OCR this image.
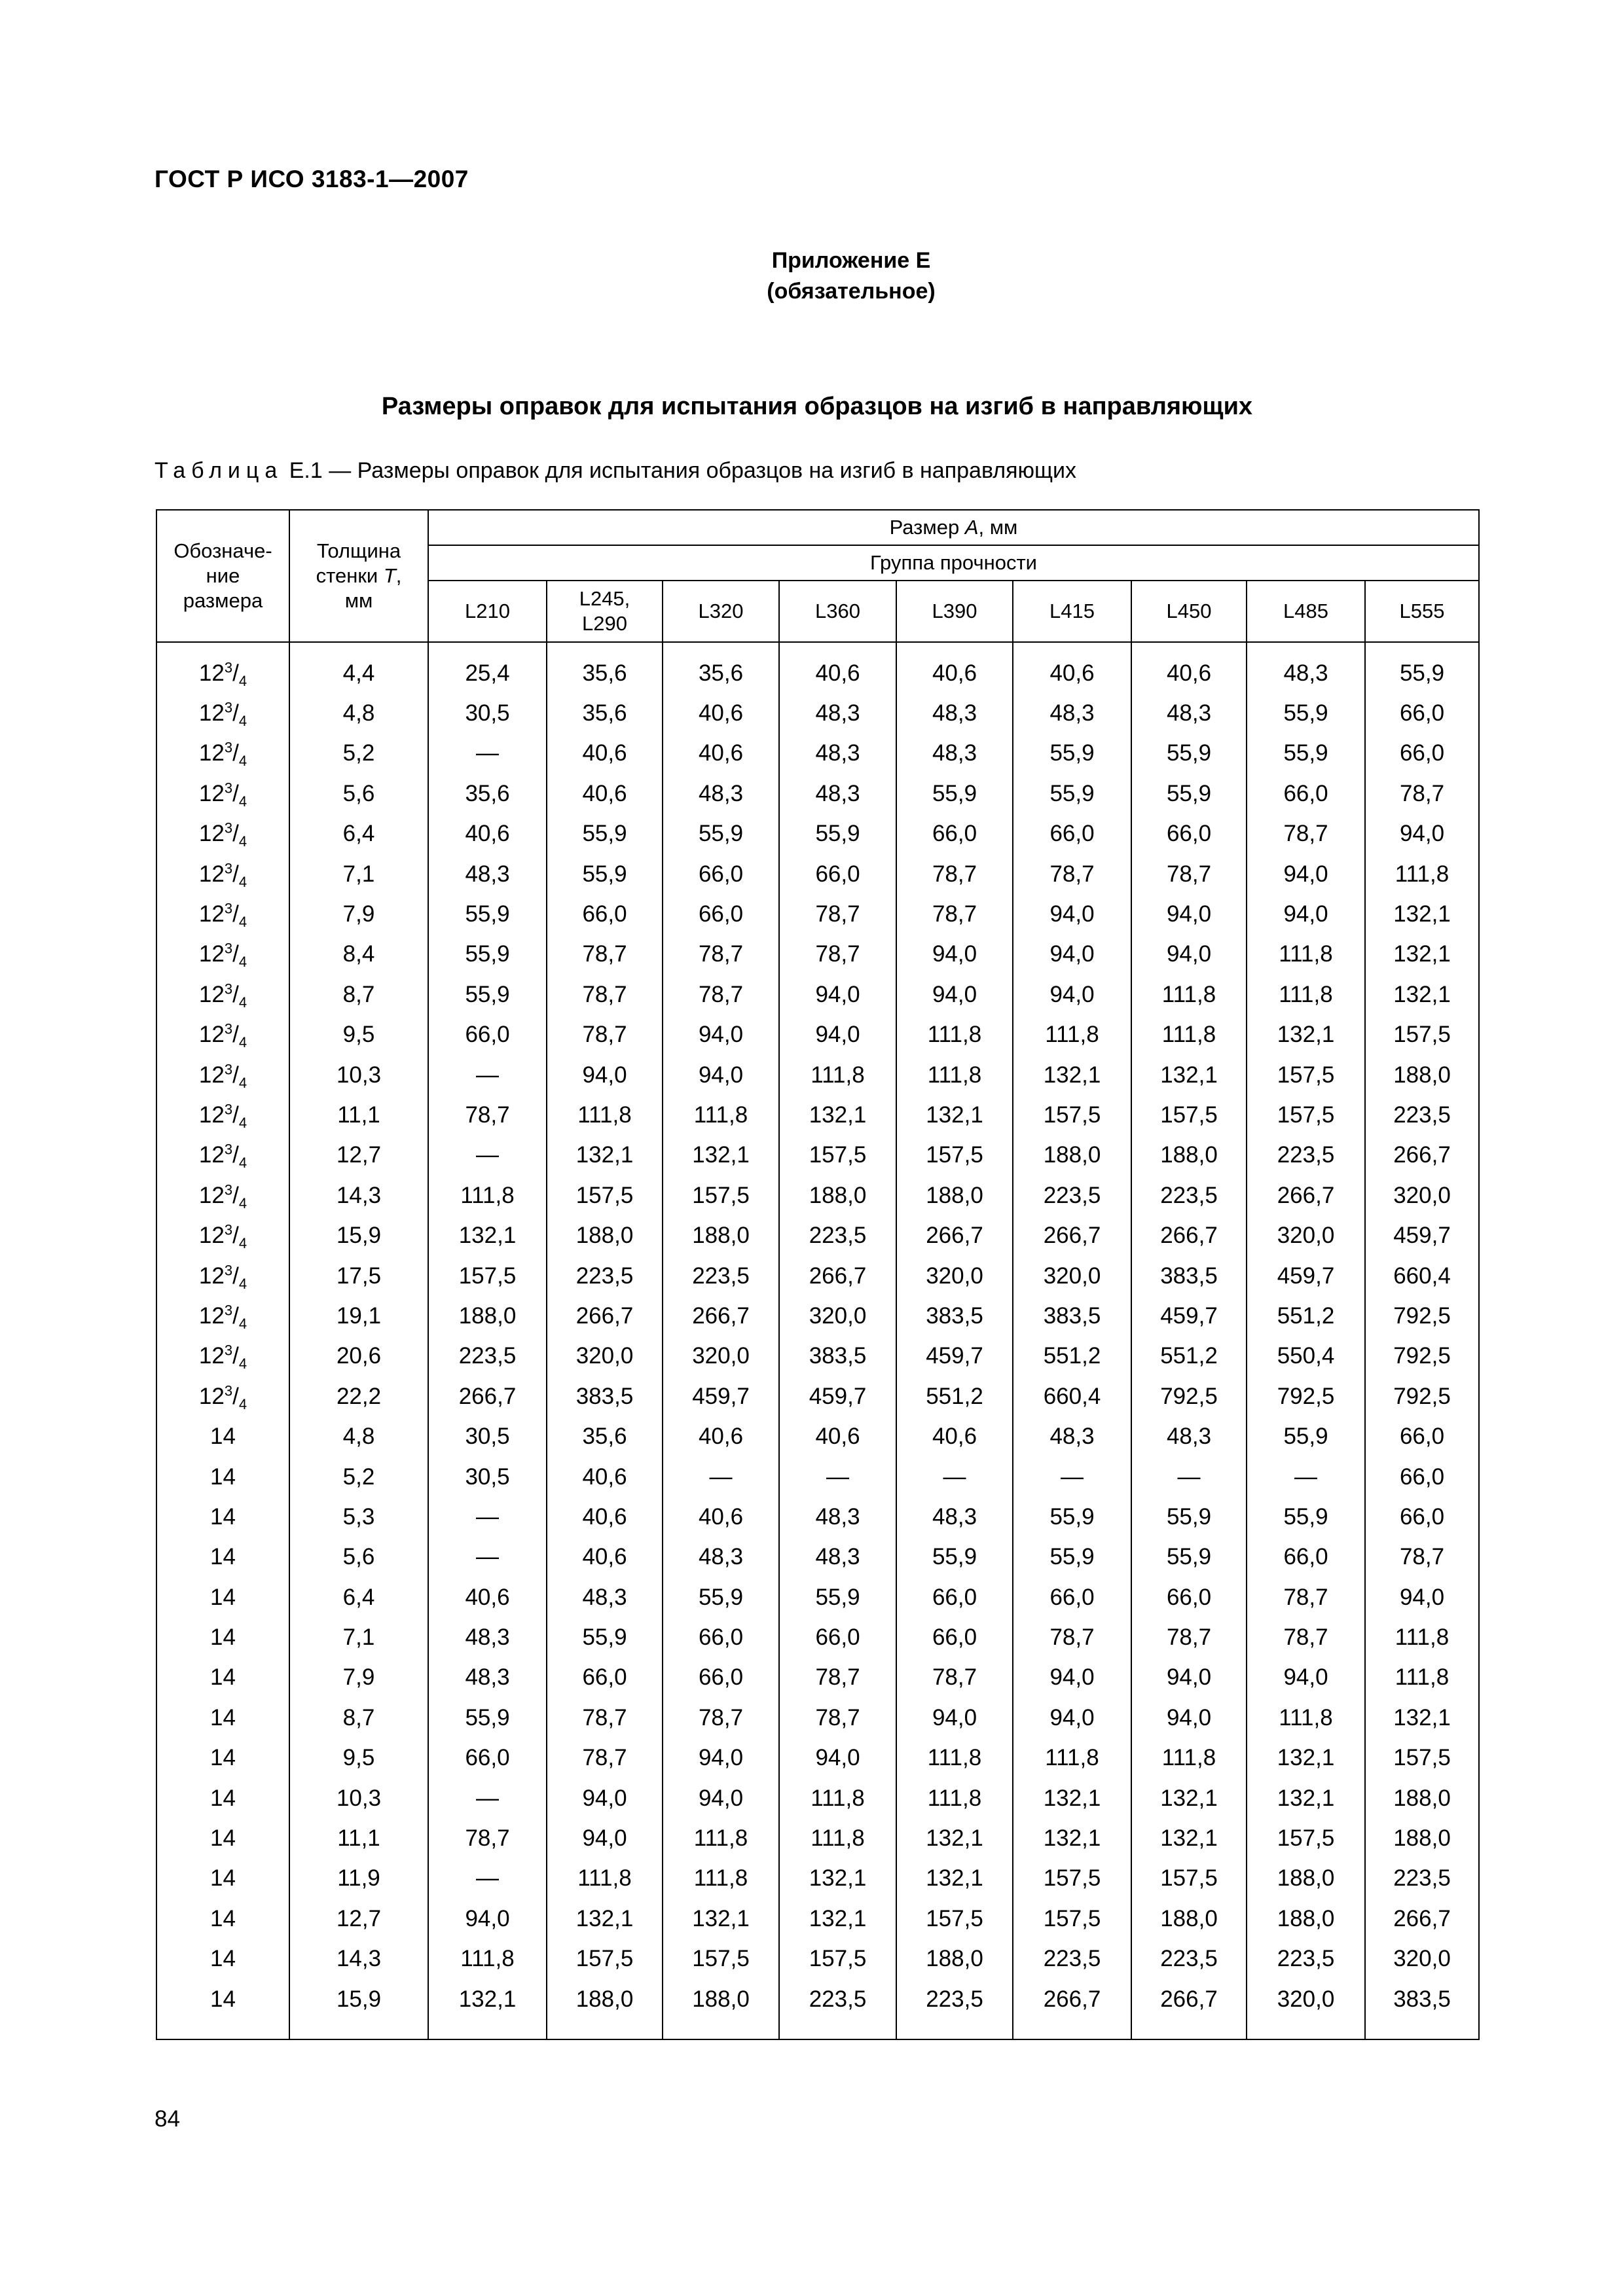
ГОСТ Р ИСО 3183-1—2007
Приложение Е
(обязательное)
Размеры оправок для испытания образцов на изгиб в направляющих
Таблица Е.1 — Размеры оправок для испытания образцов на изгиб в направляющих
Обозначе-
ние
размера	Толщина
стенки T,
мм	Размер A, мм								
		Группа прочности								
		L210	L245,
L290	L320	L360	L390	L415	L450	L485	L555

$12^3/_4$	4,4	25,4	35,6	35,6	40,6	40,6	40,6	40,6	48,3	55,9
$12^3/_4$	4,8	30,5	35,6	40,6	48,3	48,3	48,3	48,3	55,9	66,0
$12^3/_4$	5,2	—	40,6	40,6	48,3	48,3	55,9	55,9	55,9	66,0
$12^3/_4$	5,6	35,6	40,6	48,3	48,3	55,9	55,9	55,9	66,0	78,7
$12^3/_4$	6,4	40,6	55,9	55,9	55,9	66,0	66,0	66,0	78,7	94,0
$12^3/_4$	7,1	48,3	55,9	66,0	66,0	78,7	78,7	78,7	94,0	111,8
$12^3/_4$	7,9	55,9	66,0	66,0	78,7	78,7	94,0	94,0	94,0	132,1
$12^3/_4$	8,4	55,9	78,7	78,7	78,7	94,0	94,0	94,0	111,8	132,1
$12^3/_4$	8,7	55,9	78,7	78,7	94,0	94,0	94,0	111,8	111,8	132,1
$12^3/_4$	9,5	66,0	78,7	94,0	94,0	111,8	111,8	111,8	132,1	157,5
$12^3/_4$	10,3	—	94,0	94,0	111,8	111,8	132,1	132,1	157,5	188,0
$12^3/_4$	11,1	78,7	111,8	111,8	132,1	132,1	157,5	157,5	157,5	223,5
$12^3/_4$	12,7	—	132,1	132,1	157,5	157,5	188,0	188,0	223,5	266,7
$12^3/_4$	14,3	111,8	157,5	157,5	188,0	188,0	223,5	223,5	266,7	320,0
$12^3/_4$	15,9	132,1	188,0	188,0	223,5	266,7	266,7	266,7	320,0	459,7
$12^3/_4$	17,5	157,5	223,5	223,5	266,7	320,0	320,0	383,5	459,7	660,4
$12^3/_4$	19,1	188,0	266,7	266,7	320,0	383,5	383,5	459,7	551,2	792,5
$12^3/_4$	20,6	223,5	320,0	320,0	383,5	459,7	551,2	551,2	550,4	792,5
$12^3/_4$	22,2	266,7	383,5	459,7	459,7	551,2	660,4	792,5	792,5	792,5
14	4,8	30,5	35,6	40,6	40,6	40,6	48,3	48,3	55,9	66,0
14	5,2	30,5	40,6	—	—	—	—	—	—	66,0
14	5,3	—	40,6	40,6	48,3	48,3	55,9	55,9	55,9	66,0
14	5,6	—	40,6	48,3	48,3	55,9	55,9	55,9	66,0	78,7
14	6,4	40,6	48,3	55,9	55,9	66,0	66,0	66,0	78,7	94,0
14	7,1	48,3	55,9	66,0	66,0	66,0	78,7	78,7	78,7	111,8
14	7,9	48,3	66,0	66,0	78,7	78,7	94,0	94,0	94,0	111,8
14	8,7	55,9	78,7	78,7	78,7	94,0	94,0	94,0	111,8	132,1
14	9,5	66,0	78,7	94,0	94,0	111,8	111,8	111,8	132,1	157,5
14	10,3	—	94,0	94,0	111,8	111,8	132,1	132,1	132,1	188,0
14	11,1	78,7	94,0	111,8	111,8	132,1	132,1	132,1	157,5	188,0
14	11,9	—	111,8	111,8	132,1	132,1	157,5	157,5	188,0	223,5
14	12,7	94,0	132,1	132,1	132,1	157,5	157,5	188,0	188,0	266,7
14	14,3	111,8	157,5	157,5	157,5	188,0	223,5	223,5	223,5	320,0
14	15,9	132,1	188,0	188,0	223,5	223,5	266,7	266,7	320,0	383,5

84
